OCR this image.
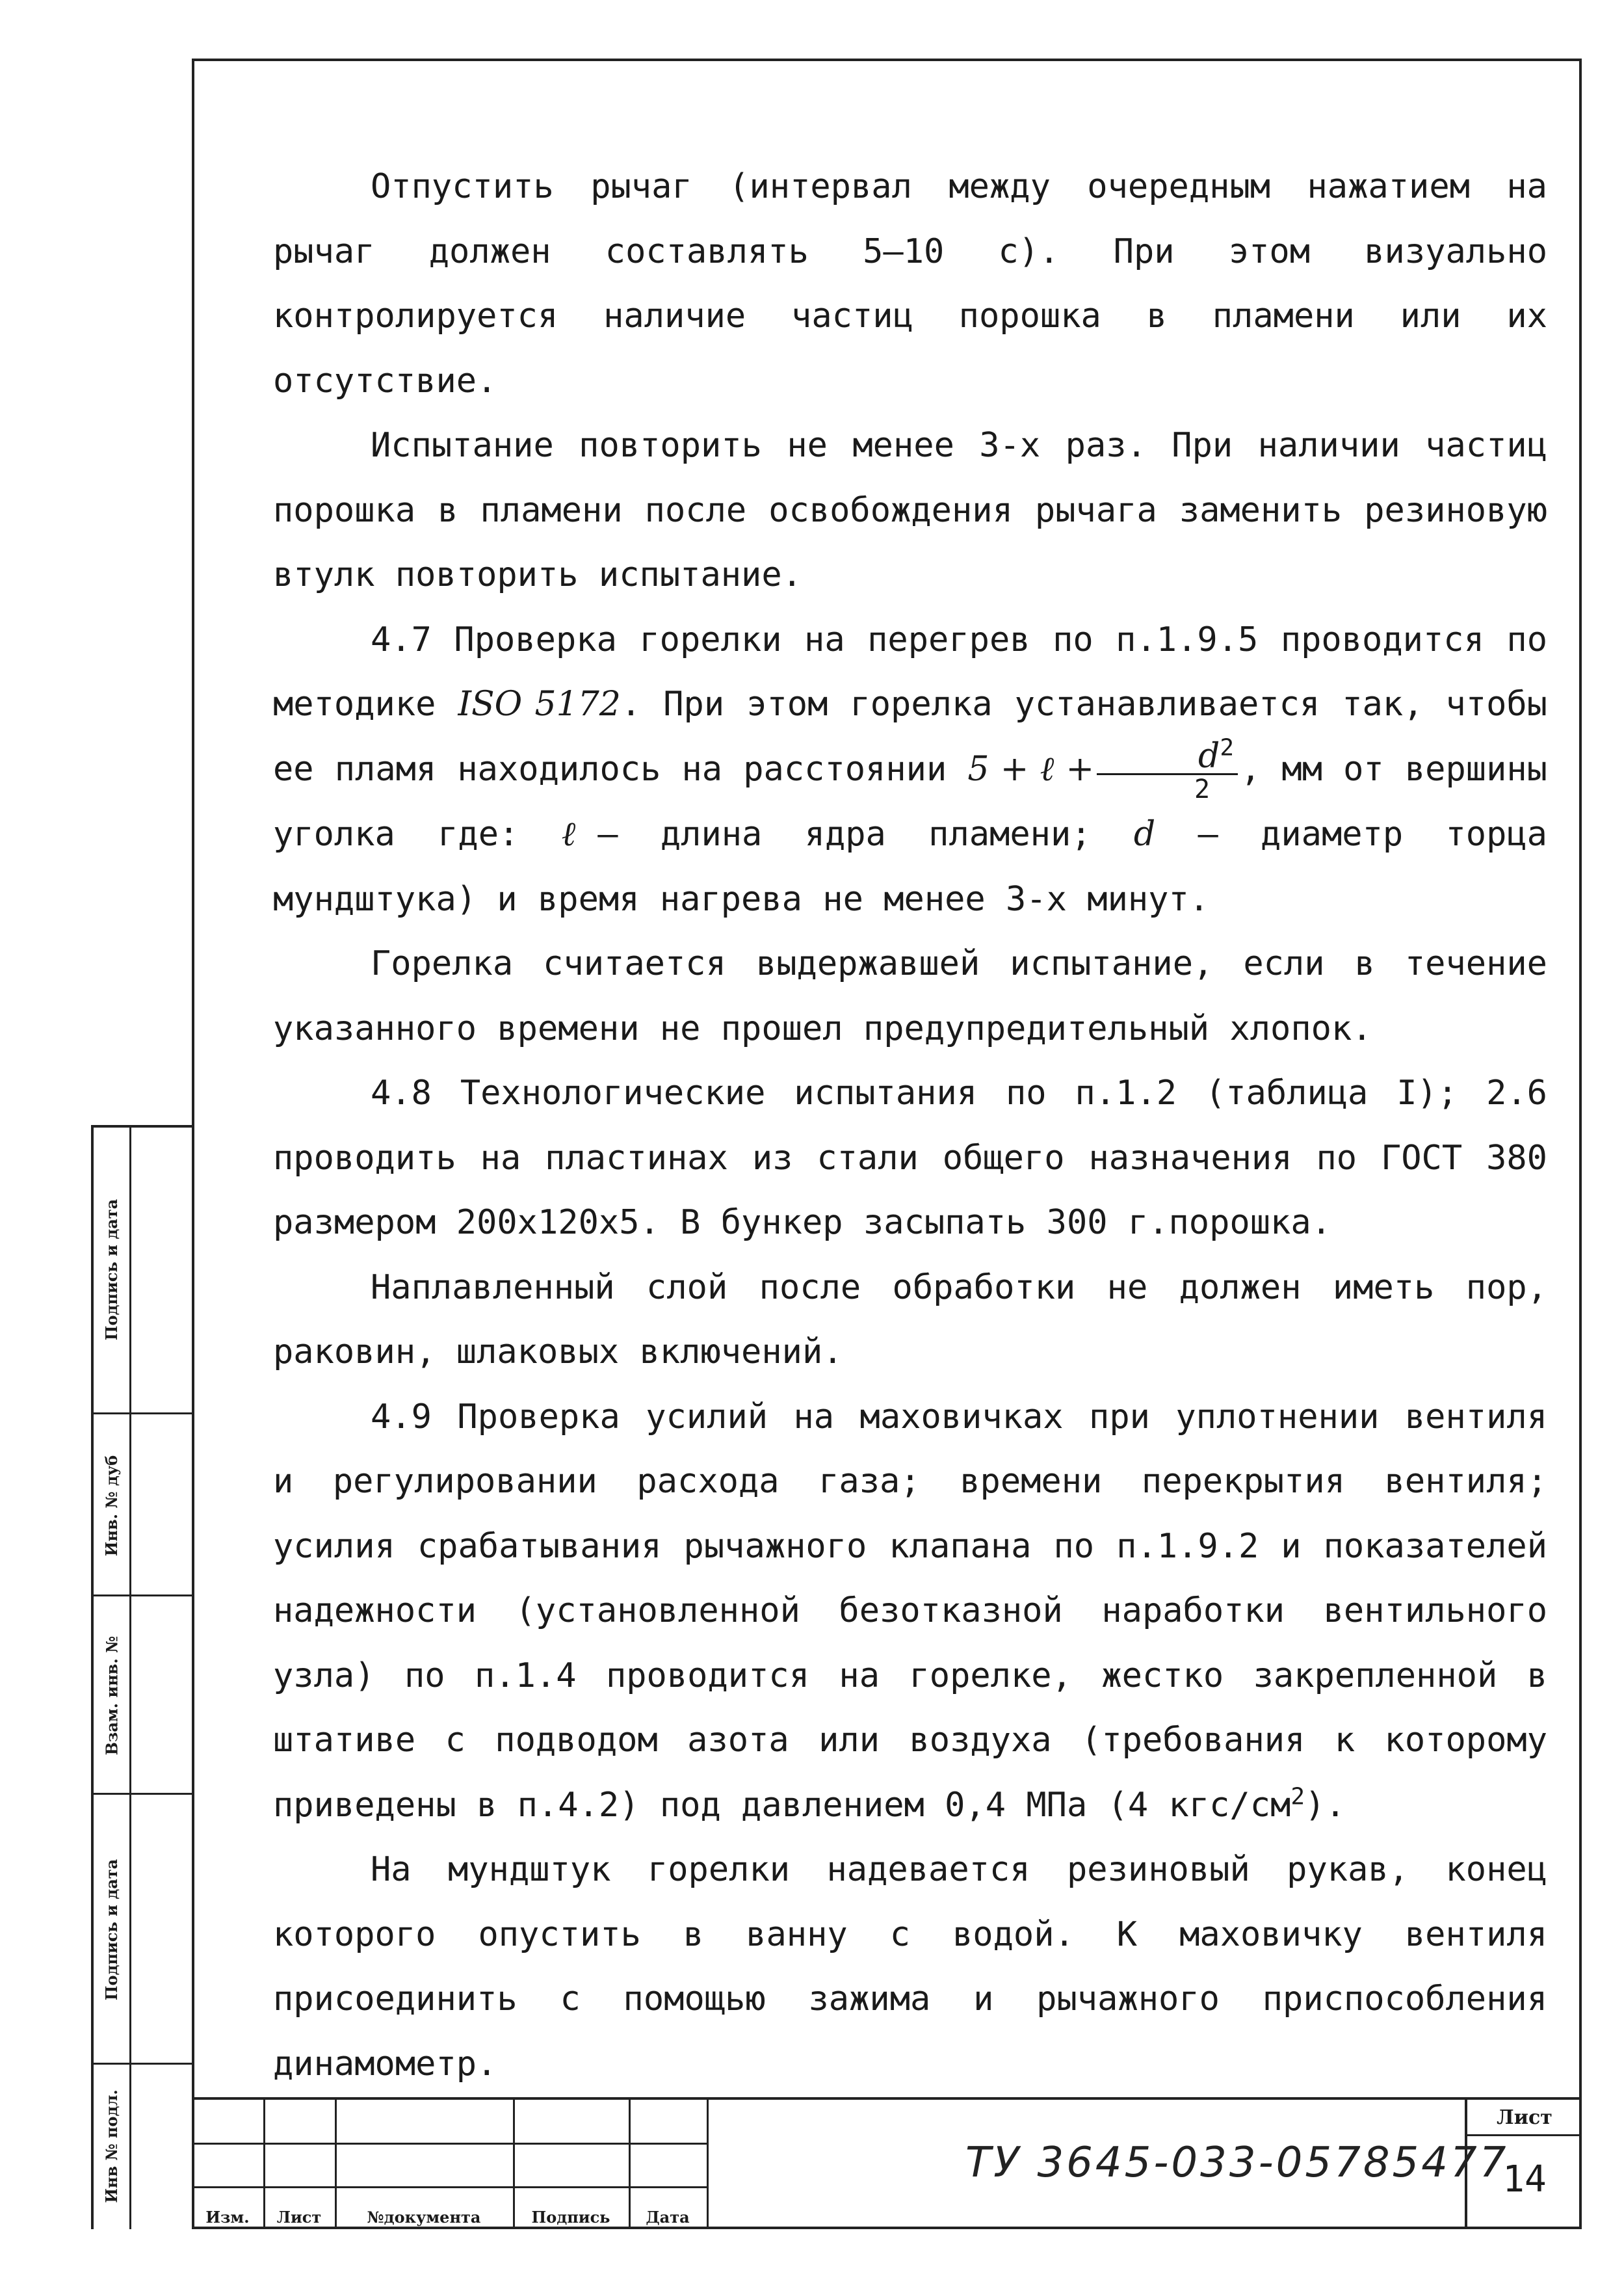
Отпустить рычаг (интервал между очередным нажатием на рычаг должен составлять 5–10 с). При этом визуально контролируется наличие частиц порошка в пламени или их отсутствие.

Испытание повторить не менее 3-х раз. При наличии частиц порошка в пламени после освобождения рычага заменить резиновую втулк повторить испытание.

4.7 Проверка горелки на перегрев по п.1.9.5 проводится по методике ISO 5172. При этом горелка устанавливается так, чтобы ее пламя находилось на расстоянии 5 + ℓ + $\frac{d^2}{2}$ , мм от вершины уголка где: ℓ– длина ядра пламени; d – диаметр торца мундштука) и время нагрева не менее 3-х минут.

Горелка считается выдержавшей испытание, если в течение указанного времени не прошел предупредительный хлопок.

4.8 Технологические испытания по п.1.2 (таблица I); 2.6 проводить на пластинах из стали общего назначения по ГОСТ 380 размером 200x120x5. В бункер засыпать 300 г.порошка.

Наплавленный слой после обработки не должен иметь пор, раковин, шлаковых включений.

4.9 Проверка усилий на маховичках при уплотнении вентиля и регулировании расхода газа; времени перекрытия вентиля; усилия срабатывания рычажного клапана по п.1.9.2 и показателей надежности (установленной безотказной наработки вентильного узла) по п.1.4 проводится на горелке, жестко закрепленной в штативе с подводом азота или воздуха (требования к которому приведены в п.4.2) под давлением 0,4 МПа (4 кгс/$см^2$).

На мундштук горелки надевается резиновый рукав, конец которого опустить в ванну с водой. К маховичку вентиля присоединить с помощью зажима и рычажного приспособления динамометр.

Подпись и дата
Инв. № дуб
Взам. инв. №
Подпись и дата
Инв № подл.
Изм.	Лист	№документа	Подпись	Дата
ТУ 3645-033-05785477
Лист
14
